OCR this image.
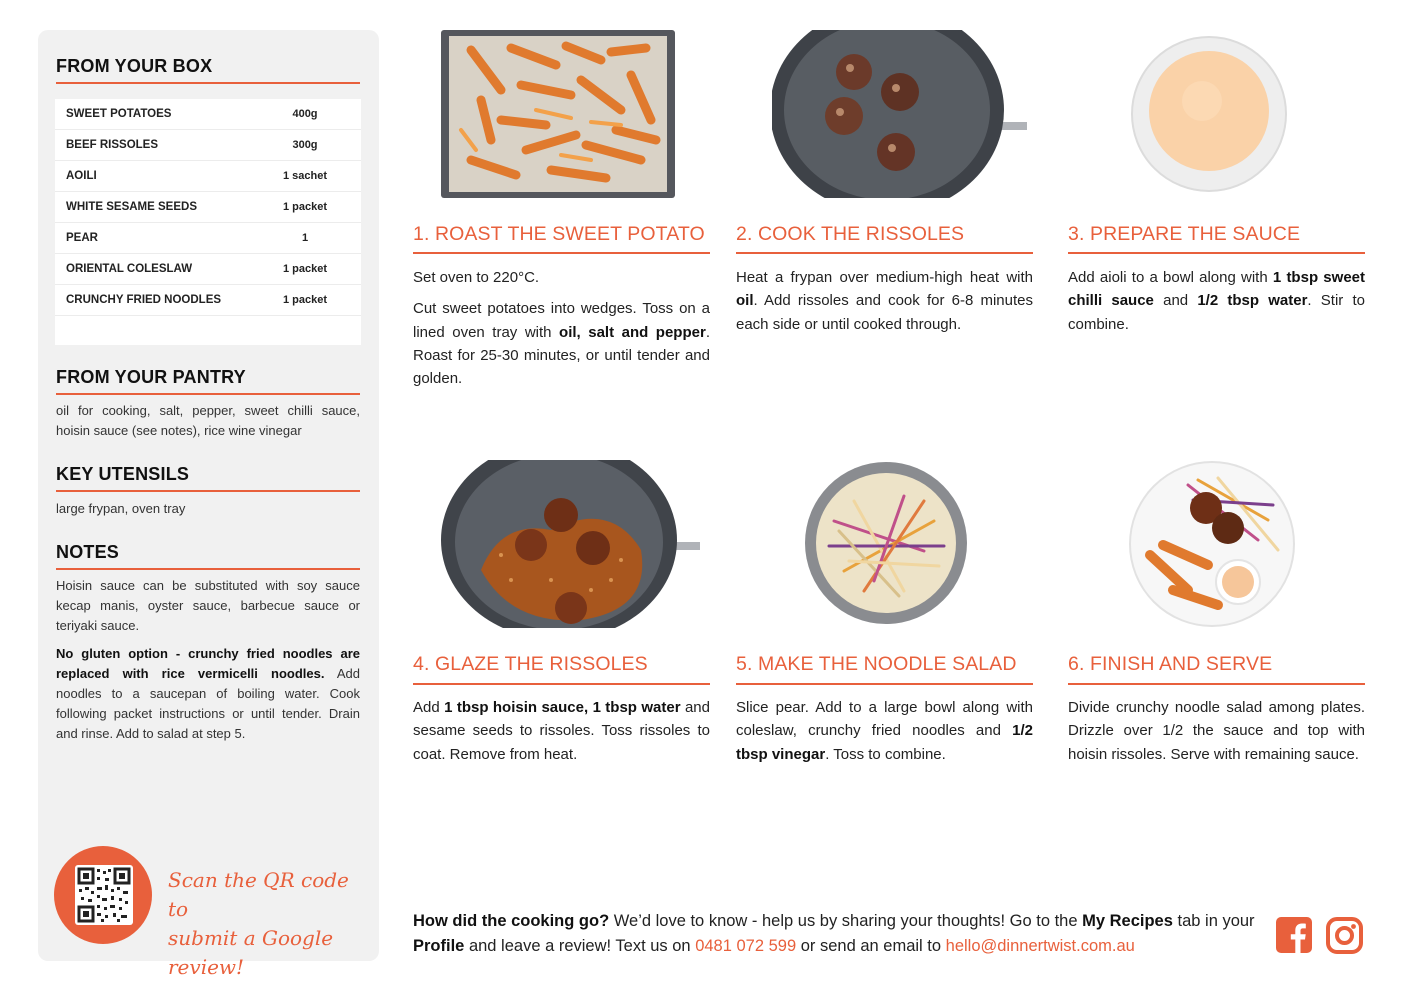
FROM YOUR BOX
SWEET POTATOES	400g
BEEF RISSOLES	300g
AOILI	1 sachet
WHITE SESAME SEEDS	1 packet
PEAR	1
ORIENTAL COLESLAW	1 packet
CRUNCHY FRIED NOODLES	1 packet
FROM YOUR PANTRY
oil for cooking, salt, pepper, sweet chilli sauce, hoisin sauce (see notes), rice wine vinegar
KEY UTENSILS
large frypan, oven tray
NOTES
Hoisin sauce can be substituted with soy sauce kecap manis, oyster sauce, barbecue sauce or teriyaki sauce.
No gluten option - crunchy fried noodles are replaced with rice vermicelli noodles. Add noodles to a saucepan of boiling water. Cook following packet instructions or until tender. Drain and rinse. Add to salad at step 5.
Scan the QR code to
submit a Google review!
1. ROAST THE SWEET POTATO

Set oven to 220°C.

Cut sweet potatoes into wedges. Toss on a lined oven tray with oil, salt and pepper. Roast for 25-30 minutes, or until tender and golden.

2. COOK THE RISSOLES

Heat a frypan over medium-high heat with oil. Add rissoles and cook for 6-8 minutes each side or until cooked through.

3. PREPARE THE SAUCE

Add aioli to a bowl along with 1 tbsp sweet chilli sauce and 1/2 tbsp water. Stir to combine.

4. GLAZE THE RISSOLES

Add 1 tbsp hoisin sauce, 1 tbsp water and sesame seeds to rissoles. Toss rissoles to coat. Remove from heat.

5. MAKE THE NOODLE SALAD

Slice pear. Add to a large bowl along with coleslaw, crunchy fried noodles and 1/2 tbsp vinegar. Toss to combine.

6. FINISH AND SERVE

Divide crunchy noodle salad among plates. Drizzle over 1/2 the sauce and top with hoisin rissoles. Serve with remaining sauce.

How did the cooking go? We’d love to know - help us by sharing your thoughts! Go to the My Recipes tab in your Profile and leave a review! Text us on 0481 072 599 or send an email to hello@dinnertwist.com.au
